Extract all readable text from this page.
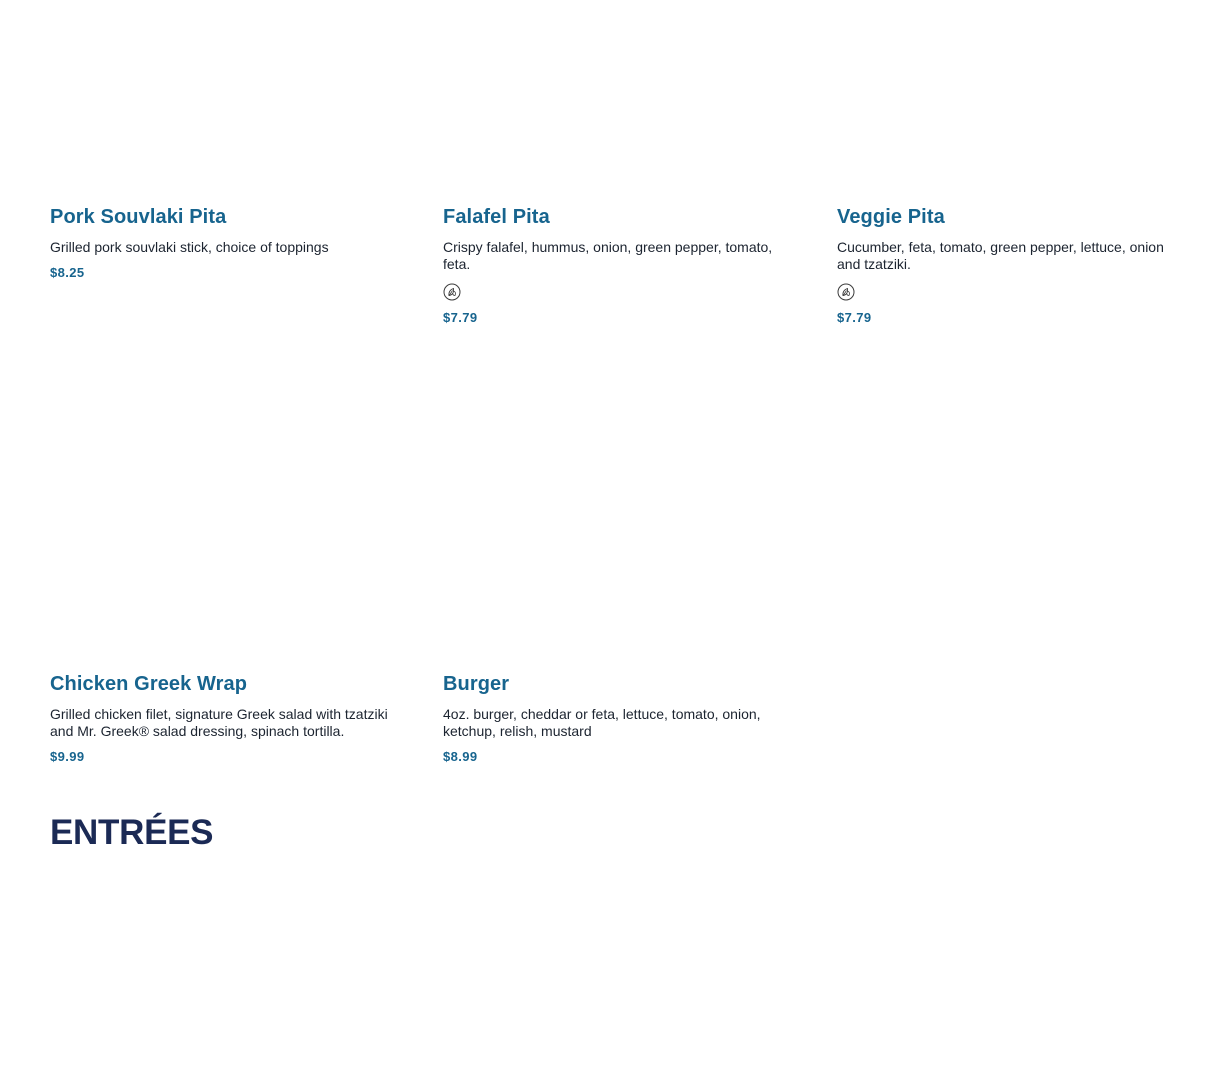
Pork Souvlaki Pita

Grilled pork souvlaki stick, choice of toppings

$8.25
Falafel Pita

Crispy falafel, hummus, onion, green pepper, tomato, feta.

$7.79
Veggie Pita

Cucumber, feta, tomato, green pepper, lettuce, onion and tzatziki.

$7.79
Chicken Greek Wrap

Grilled chicken filet, signature Greek salad with tzatziki and Mr. Greek® salad dressing, spinach tortilla.

$9.99
Burger

4oz. burger, cheddar or feta, lettuce, tomato, onion, ketchup, relish, mustard

$8.99
ENTRÉES
